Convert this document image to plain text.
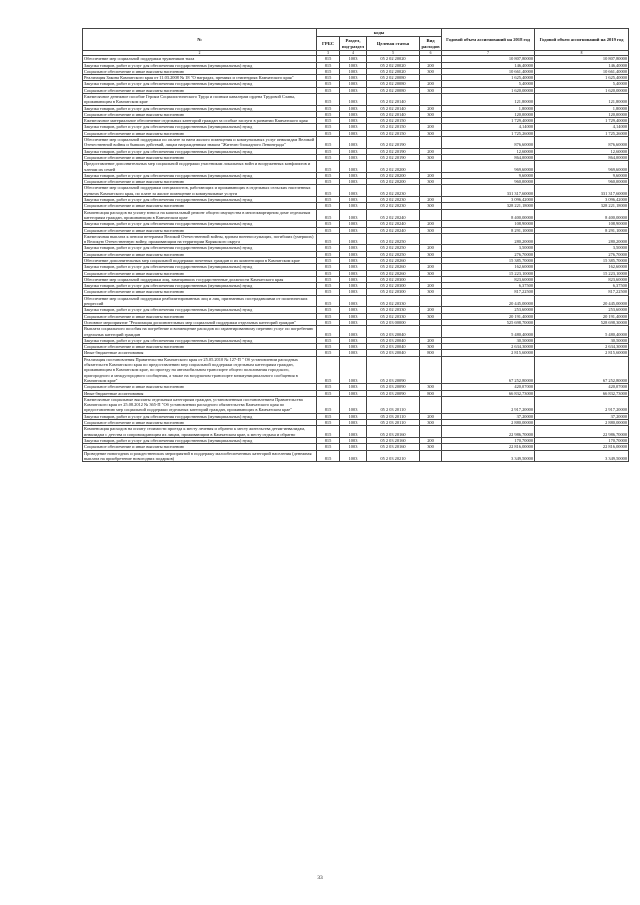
№	коды				Годовой объем ассигнований на 2018 год	Годовой объем ассигнований на 2019 год
	ГРБС	Раздел, под-раздел	Целевая статья	Вид расходов		
2	3	4	5	6	7	8
Обеспечение мер социальной поддержки тружеников тыла	815	1003	05 2 02 20020		10 807,80000	10 807,80000
Закупка товаров, работ и услуг для обеспечения государственных (муниципальных) нужд	815	1003	05 2 02 20020	200	146,40000	146,40000
Социальное обеспечение и иные выплаты населению	815	1003	05 2 02 20020	300	10 661,40000	10 661,40000
Реализация Закона Камчатского края от 11.03.2008 № 18 "О наградах, премиях и стипендиях Камчатского края"	815	1003	05 2 02 20080		1 625,40000	1 625,40000
Закупка товаров, работ и услуг для обеспечения государственных (муниципальных) нужд	815	1003	05 2 02 20080	200	5,40000	5,40000
Социальное обеспечение и иные выплаты населению	815	1003	05 2 02 20080	300	1 620,00000	1 620,00000
Ежемесячное денежное пособие Героям Социалистического Труда и полным кавалерам ордена Трудовой Славы, проживающим в Камчатском крае	815	1003	05 2 02 20140		121,80000	121,80000
Закупка товаров, работ и услуг для обеспечения государственных (муниципальных) нужд	815	1003	05 2 02 20140	200	1,80000	1,80000
Социальное обеспечение и иные выплаты населению	815	1003	05 2 02 20140	300	120,00000	120,00000
Ежемесячное материальное обеспечение отдельных категорий граждан за особые заслуги в развитии Камчатского края	815	1003	05 2 02 20150		1 729,40000	1 729,40000
Закупка товаров, работ и услуг для обеспечения государственных (муниципальных) нужд	815	1003	05 2 02 20150	200	4,14000	4,14000
Социальное обеспечение и иные выплаты населению	815	1003	05 2 02 20150	300	1 725,26000	1 725,26000
Обеспечение мер социальной поддержки по оплате за наем жилого помещения и коммунальных услуг инвалидам Великой Отечественной войны и бывших действий, лицам награжденным знаком "Жителю блокадного Ленинграда"	815	1003	05 2 02 20190		876,60000	876,60000
Закупка товаров, работ и услуг для обеспечения государственных (муниципальных) нужд	815	1003	05 2 02 20190	200	12,60000	12,60000
Социальное обеспечение и иные выплаты населению	815	1003	05 2 02 20190	300	864,00000	864,00000
Предоставление дополнительных мер социальной поддержки участникам локальных войн и вооруженных конфликтов и членам их семей	815	1003	05 2 02 20200		969,60000	969,60000
Закупка товаров, работ и услуг для обеспечения государственных (муниципальных) нужд	815	1003	05 2 02 20200	200	9,60000	9,60000
Социальное обеспечение и иные выплаты населению	815	1003	05 2 02 20200	300	960,00000	960,00000
Обеспечение мер социальной поддержки специалистов, работающих и проживающих в отдельных сельских населенных пунктах Камчатского края, по плате за жилое помещение и коммунальные услуги	815	1003	05 2 02 20230		331 317,60000	331 317,60000
Закупка товаров, работ и услуг для обеспечения государственных (муниципальных) нужд	815	1003	05 2 02 20230	200	3 096,42000	3 096,42000
Социальное обеспечение и иные выплаты населению	815	1003	05 2 02 20230	300	328 221,18000	328 221,18000
Компенсация расходов на уплату взноса на капитальный ремонт общего имущества в многоквартирном доме отдельным категориям граждан, проживающим в Камчатском крае	815	1003	05 2 02 20240		8 400,00000	8 400,00000
Закупка товаров, работ и услуг для обеспечения государственных (муниципальных) нужд	815	1003	05 2 02 20240	200	108,90000	108,90000
Социальное обеспечение и иные выплаты населению	815	1003	05 2 02 20240	300	8 291,10000	8 291,10000
Ежемесячная выплата к пенсии ветеранам Великой Отечественной войны, вдовам военнослужащих, погибших (умерших) в Великую Отечественную войну, проживающим на территории Корякского округа	815	1003	05 2 02 20250		280,20000	280,20000
Закупка товаров, работ и услуг для обеспечения государственных (муниципальных) нужд	815	1003	05 2 02 20250	200	3,50000	3,50000
Социальное обеспечение и иные выплаты населению	815	1003	05 2 02 20250	300	276,70000	276,70000
Обеспечение дополнительных мер социальной поддержки почетных граждан и их компенсации в Камчатском крае	815	1003	05 2 02 20260		15 385,70000	15 385,70000
Закупка товаров, работ и услуг для обеспечения государственных (муниципальных) нужд	815	1003	05 2 02 20260	200	162,60000	162,60000
Социальное обеспечение и иные выплаты населению	815	1003	05 2 02 20260	300	15 223,10000	15 223,10000
Обеспечение мер социальной поддержки лиц, замещавших государственные должности Камчатского края	815	1003	05 2 02 20300		823,60000	823,60000
Закупка товаров, работ и услуг для обеспечения государственных (муниципальных) нужд	815	1003	05 2 02 20300	200	6,37500	6,37500
Социальное обеспечение и иные выплаты населению	815	1003	05 2 02 20300	300	817,22500	817,22500
Обеспечение мер социальной поддержки реабилитированных лиц и лиц, признанных пострадавшими от политических репрессий	815	1003	05 2 02 20330		20 445,00000	20 445,00000
Закупка товаров, работ и услуг для обеспечения государственных (муниципальных) нужд	815	1003	05 2 02 20330	200	253,60000	253,60000
Социальное обеспечение и иные выплаты населению	815	1003	05 2 02 20330	300	20 191,40000	20 191,40000
Основное мероприятие "Реализация дополнительных мер социальной поддержки отдельных категорий граждан"	815	1003	05 2 03 00000		525 698,70000	528 698,30000
Выплата социального пособия на погребение и возмещение расходов по гарантированному перечню услуг по погребению отдельных категорий граждан	815	1003	05 2 03 20040		5 480,40000	5 480,40000
Закупка товаров, работ и услуг для обеспечения государственных (муниципальных) нужд	815	1003	05 2 03 20040	200	30,50000	30,50000
Социальное обеспечение и иные выплаты населению	815	1003	05 2 03 20040	300	2 634,30000	2 634,30000
Иные бюджетные ассигнования	815	1003	05 2 03 20040	800	2 815,60000	2 815,60000
Реализация постановления Правительства Камчатского края от 25.05.2010 № 127-П " Об установлении расходных обязательств Камчатского края по предоставлению мер социальной поддержки отдельным категориям граждан, проживающим в Камчатском крае, по проезду на автомобильном транспорте общего пользования городского, пригородного и междугородного сообщения, а также на воздушном транспорте межмуниципального сообщения в Камчатском крае"	815	1003	05 2 03 20090		67 252,80000	67 252,80000
Социальное обеспечение и иные выплаты населению	815	1003	05 2 03 20090	300	420,07000	420,07000
Иные бюджетные ассигнования	815	1003	05 2 03 20090	800	66 832,73000	66 832,73000
Ежемесячные социальные выплаты отдельным категориям граждан, установленным постановлением Правительства Камчатского края от 25.08.2012 № 365-П "Об установлении расходного обязательства Камчатского края по предоставлению мер социальной поддержки отдельных категорий граждан, проживающих в Камчатском крае"	815	1003	05 2 03 20110		2 917,20000	2 917,20000
Закупка товаров, работ и услуг для обеспечения государственных (муниципальных) нужд	815	1003	05 2 03 20110	200	37,20000	37,20000
Социальное обеспечение и иные выплаты населению	815	1003	05 2 03 20110	300	2 880,00000	2 880,00000
Компенсация расходов на оплату стоимости проезда к месту лечения и обратно к месту жительства детям-инвалидам, инвалидам с детства и сопровождающим их лицам, проживающим в Камчатском крае, к месту отдыха и обратно	815	1003	05 2 03 20160		22 986,70000	22 986,70000
Закупка товаров, работ и услуг для обеспечения государственных (муниципальных) нужд	815	1003	05 2 03 20160	200	170,70000	170,70000
Социальное обеспечение и иные выплаты населению	815	1003	05 2 03 20160	300	22 816,00000	22 816,00000
Проведение новогодних и рождественских мероприятий в поддержку малообеспеченных категорий населения (денежная выплата на приобретение новогодних подарков)	815	1003	05 2 03 20210		3 349,50000	3 349,50000
33
